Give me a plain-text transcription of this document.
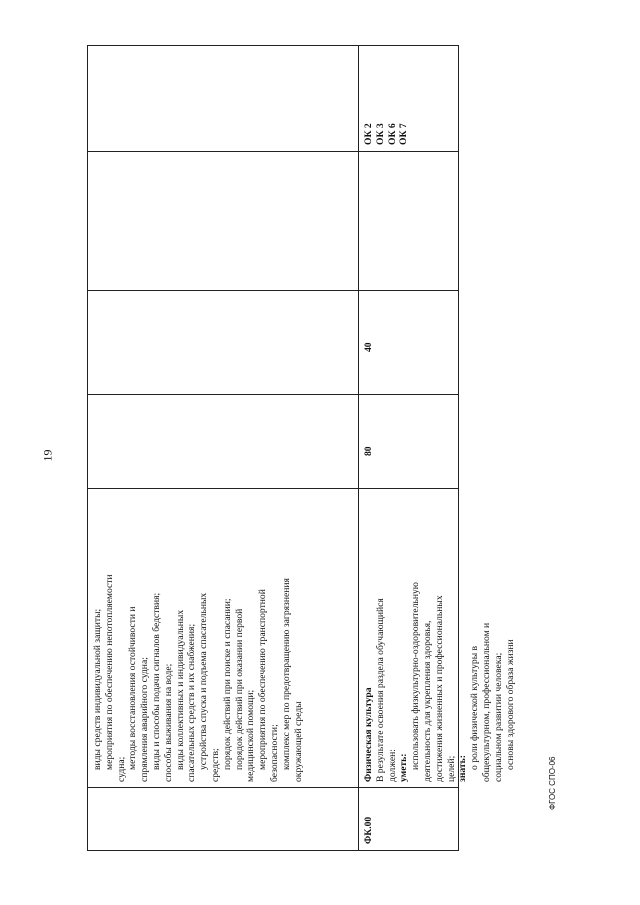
19
ФГОС СПО-06
виды средств индивидуальной защиты; мероприятия по обеспечению непотопляемости судна; методы восстановления остойчивости и спрямления аварийного судна; виды и способы подачи сигналов бедствия; способы выживания на воде; виды коллективных и индивидуальных спасательных средств и их снабжения; устройства спуска и подъема спасательных средств; порядок действий при поиске и спасании; порядок действий при оказании первой медицинской помощи; мероприятия по обеспечению транспортной безопасности; комплекс мер по предотвращению загрязнения окружающей среды
ФК.00
Физическая культура В результате освоения раздела обучающийся должен: уметь: использовать физкультурно-оздоровительную деятельность для укрепления здоровья, достижения жизненных и профессиональных целей; знать: о роли физической культуры в общекультурном, профессиональном и социальном развитии человека; основы здорового образа жизни
80
40
ОК 2 ОК 3 ОК 6 ОК 7
